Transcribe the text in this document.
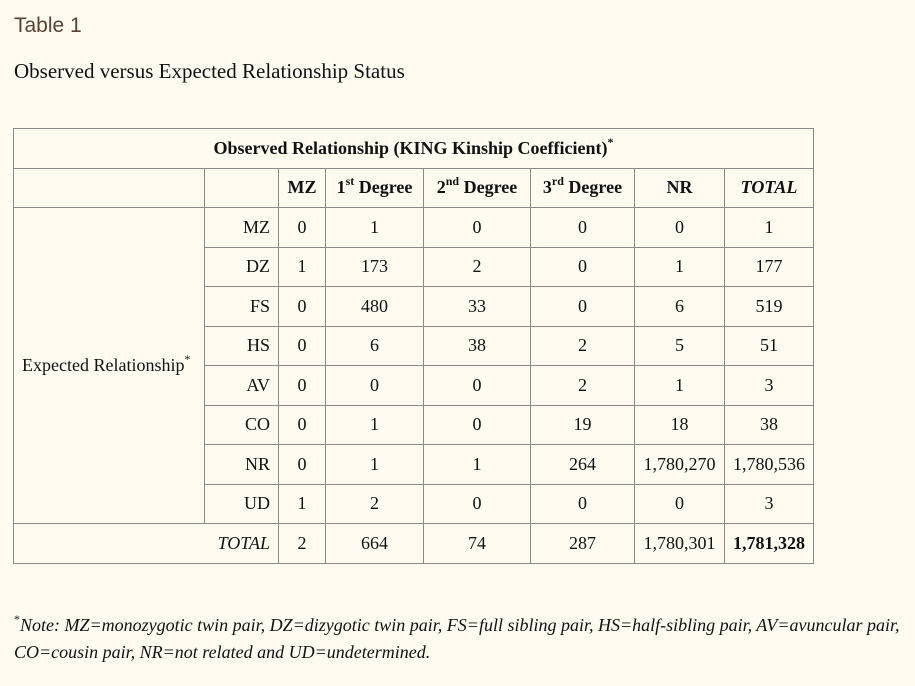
Table 1
Observed versus Expected Relationship Status
Observed Relationship (KING Kinship Coefficient)*
		MZ	1st Degree	2nd Degree	3rd Degree	NR	TOTAL
Expected Relationship*	MZ	0	1	0	0	0	1
	DZ	1	173	2	0	1	177
	FS	0	480	33	0	6	519
	HS	0	6	38	2	5	51
	AV	0	0	0	2	1	3
	CO	0	1	0	19	18	38
	NR	0	1	1	264	1,780,270	1,780,536
	UD	1	2	0	0	0	3
TOTAL		2	664	74	287	1,780,301	1,781,328
*Note: MZ=monozygotic twin pair, DZ=dizygotic twin pair, FS=full sibling pair, HS=half-sibling pair, AV=avuncular pair, CO=cousin pair, NR=not related and UD=undetermined.
